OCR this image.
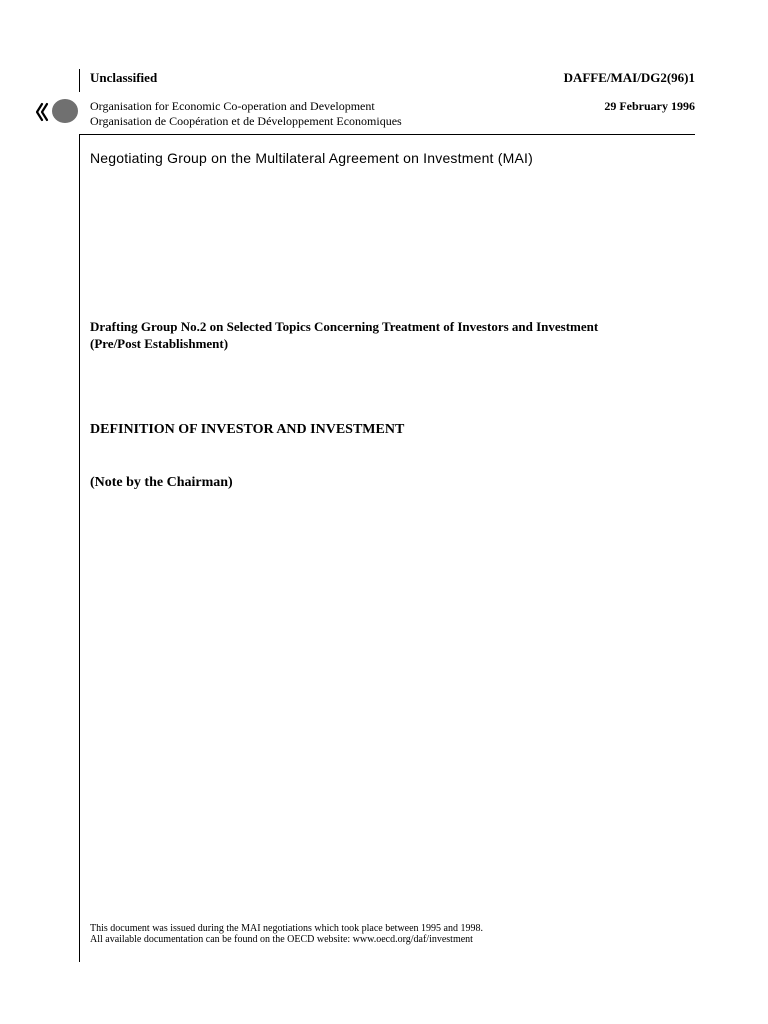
Unclassified	DAFFE/MAI/DG2(96)1
Organisation for Economic Co-operation and Development
Organisation de Coopération et de Développement Economiques
29 February 1996
Negotiating Group on the Multilateral Agreement on Investment (MAI)
Drafting Group No.2 on Selected Topics Concerning Treatment of Investors and Investment
(Pre/Post Establishment)
DEFINITION OF INVESTOR AND INVESTMENT
(Note by the Chairman)
This document was issued during the MAI negotiations which took place between 1995 and 1998.
All available documentation can be found on the OECD website: www.oecd.org/daf/investment
